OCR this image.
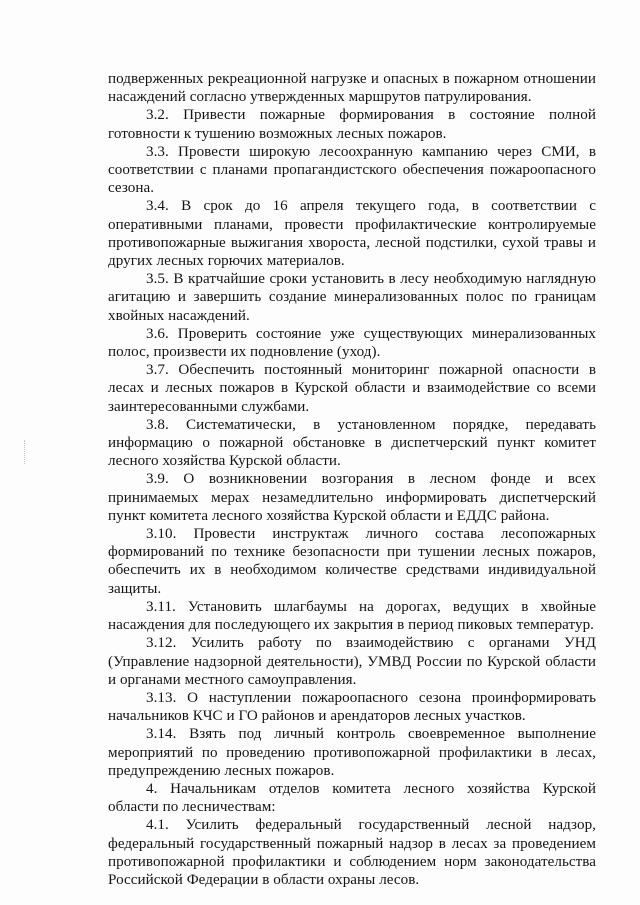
подверженных рекреационной нагрузке и опасных в пожарном отношении насаждений согласно утвержденных маршрутов патрулирования.

3.2. Привести пожарные формирования в состояние полной готовности к тушению возможных лесных пожаров.

3.3. Провести широкую лесоохранную кампанию через СМИ, в соответствии с планами пропагандистского обеспечения пожароопасного сезона.

3.4. В срок до 16 апреля текущего года, в соответствии с оперативными планами, провести профилактические контролируемые противопожарные выжигания хвороста, лесной подстилки, сухой травы и других лесных горючих материалов.

3.5. В кратчайшие сроки установить в лесу необходимую наглядную агитацию и завершить создание минерализованных полос по границам хвойных насаждений.

3.6. Проверить состояние уже существующих минерализованных полос, произвести их подновление (уход).

3.7. Обеспечить постоянный мониторинг пожарной опасности в лесах и лесных пожаров в Курской области и взаимодействие со всеми заинтересованными службами.

3.8. Систематически, в установленном порядке, передавать информацию о пожарной обстановке в диспетчерский пункт комитет лесного хозяйства Курской области.

3.9. О возникновении возгорания в лесном фонде и всех принимаемых мерах незамедлительно информировать диспетчерский пункт комитета лесного хозяйства Курской области и ЕДДС района.

3.10. Провести инструктаж личного состава лесопожарных формирований по технике безопасности при тушении лесных пожаров, обеспечить их в необходимом количестве средствами индивидуальной защиты.

3.11. Установить шлагбаумы на дорогах, ведущих в хвойные насаждения для последующего их закрытия в период пиковых температур.

3.12. Усилить работу по взаимодействию с органами УНД (Управление надзорной деятельности), УМВД России по Курской области и органами местного самоуправления.

3.13. О наступлении пожароопасного сезона проинформировать начальников КЧС и ГО районов и арендаторов лесных участков.

3.14. Взять под личный контроль своевременное выполнение мероприятий по проведению противопожарной профилактики в лесах, предупреждению лесных пожаров.

4. Начальникам отделов комитета лесного хозяйства Курской области по лесничествам:

4.1. Усилить федеральный государственный лесной надзор, федеральный государственный пожарный надзор в лесах за проведением противопожарной профилактики и соблюдением норм законодательства Российской Федерации в области охраны лесов.
